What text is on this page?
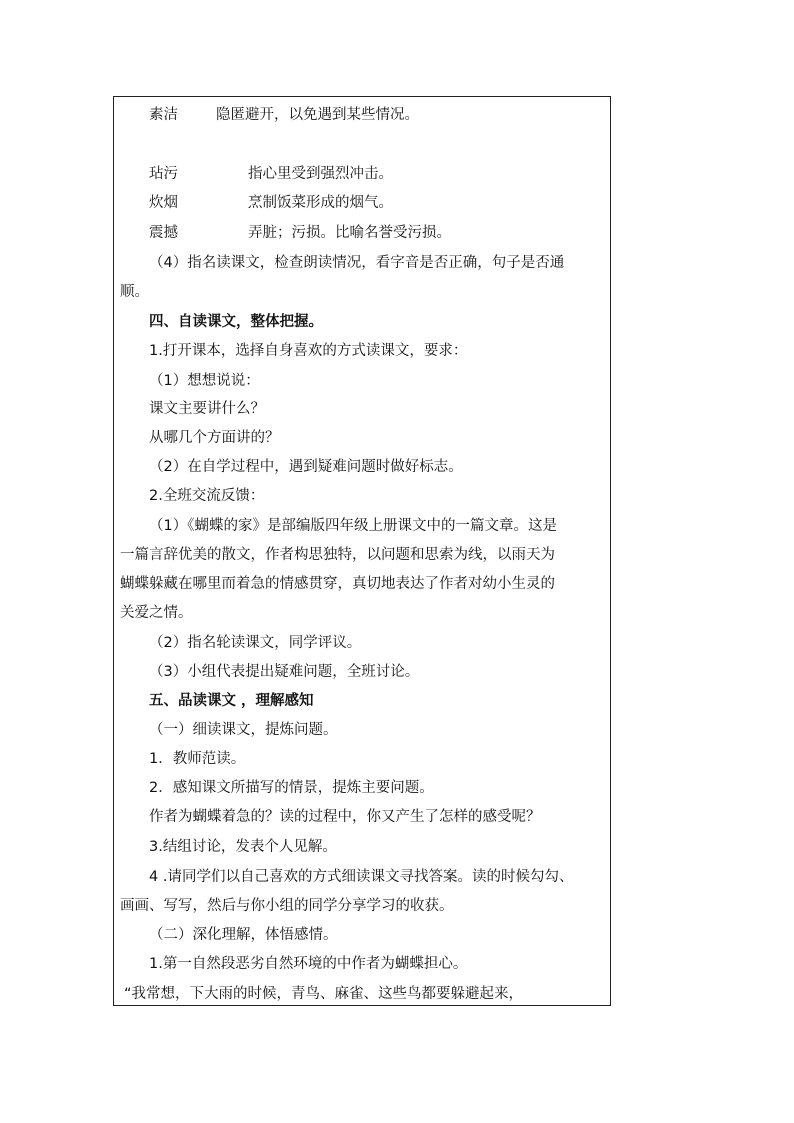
素洁	隐匿避开，以免遇到某些情况。
玷污	指心里受到强烈冲击。
炊烟	烹制饭菜形成的烟气。
震撼	弄脏；污损。比喻名誉受污损。
（4）指名读课文，检查朗读情况，看字音是否正确，句子是否通
顺。
四、自读课文，整体把握。
1.打开课本，选择自身喜欢的方式读课文，要求：
（1）想想说说：
课文主要讲什么？
从哪几个方面讲的？
（2）在自学过程中，遇到疑难问题时做好标志。
2.全班交流反馈：
（1）《蝴蝶的家》是部编版四年级上册课文中的一篇文章。这是
一篇言辞优美的散文，作者构思独特，以问题和思索为线，以雨天为
蝴蝶躲藏在哪里而着急的情感贯穿，真切地表达了作者对幼小生灵的
关爱之情。
（2）指名轮读课文，同学评议。
（3）小组代表提出疑难问题，全班讨论。
五、品读课文 ，理解感知
（一）细读课文，提炼问题。
1．教师范读。
2．感知课文所描写的情景，提炼主要问题。
作者为蝴蝶着急的？读的过程中，你又产生了怎样的感受呢？
3.结组讨论，发表个人见解。
4 .请同学们以自己喜欢的方式细读课文寻找答案。读的时候勾勾、
画画、写写，然后与你小组的同学分享学习的收获。
（二）深化理解，体悟感情。
1.第一自然段恶劣自然环境的中作者为蝴蝶担心。
“我常想，下大雨的时候，青鸟、麻雀、这些鸟都要躲避起来，
